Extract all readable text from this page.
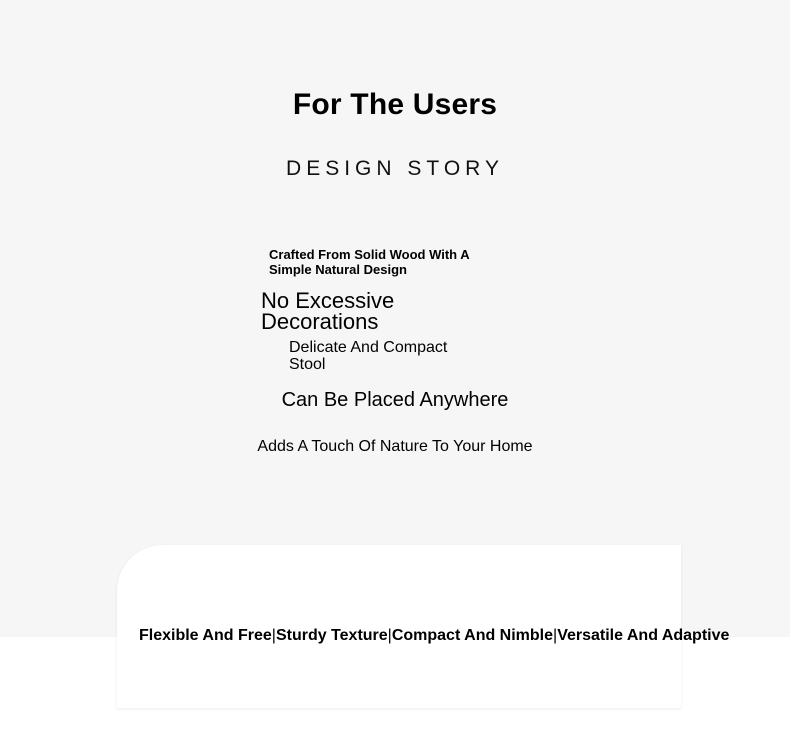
For The Users
DESIGN STORY

Crafted From Solid Wood With A Simple Natural Design

No Excessive Decorations

Delicate And Compact Stool

Can Be Placed Anywhere

Adds A Touch Of Nature To Your Home

Flexible And Free|Sturdy Texture|Compact And Nimble|Versatile And Adaptive
